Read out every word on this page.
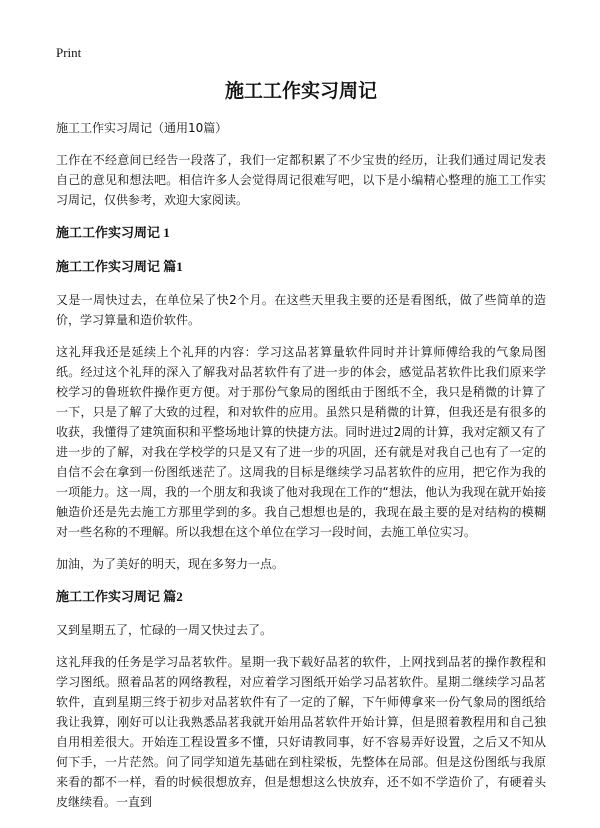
Print
施工工作实习周记

施工工作实习周记（通用10篇）

工作在不经意间已经告一段落了，我们一定都积累了不少宝贵的经历，让我们通过周记发表自己的意见和想法吧。相信许多人会觉得周记很难写吧，以下是小编精心整理的施工工作实习周记，仅供参考，欢迎大家阅读。

施工工作实习周记 1
施工工作实习周记 篇1

又是一周快过去，在单位呆了快2个月。在这些天里我主要的还是看图纸，做了些简单的造价，学习算量和造价软件。

这礼拜我还是延续上个礼拜的内容：学习这品茗算量软件同时并计算师傅给我的气象局图纸。经过这个礼拜的深入了解我对品茗软件有了进一步的体会，感觉品茗软件比我们原来学校学习的鲁班软件操作更方便。对于那份气象局的图纸由于图纸不全，我只是稍微的计算了一下，只是了解了大致的过程，和对软件的应用。虽然只是稍微的计算，但我还是有很多的收获，我懂得了建筑面积和平整场地计算的快捷方法。同时进过2周的计算，我对定额又有了进一步的了解，对我在学校学的只是又有了进一步的巩固，还有就是对我自己也有了一定的自信不会在拿到一份图纸迷茫了。这周我的目标是继续学习品茗软件的应用，把它作为我的一项能力。这一周，我的一个朋友和我谈了他对我现在工作的“想法，他认为我现在就开始接触造价还是先去施工方那里学到的多。我自己想想也是的，我现在最主要的是对结构的模糊对一些名称的不理解。所以我想在这个单位在学习一段时间，去施工单位实习。

加油，为了美好的明天，现在多努力一点。

施工工作实习周记 篇2

又到星期五了，忙碌的一周又快过去了。

这礼拜我的任务是学习品茗软件。星期一我下载好品茗的软件，上网找到品茗的操作教程和学习图纸。照着品茗的网络教程，对应着学习图纸开始学习品茗软件。星期二继续学习品茗软件，直到星期三终于初步对品茗软件有了一定的了解，下午师傅拿来一份气象局的图纸给我让我算，刚好可以让我熟悉品茗我就开始用品茗软件开始计算，但是照着教程用和自己独自用相差很大。开始连工程设置多不懂，只好请教同事，好不容易弄好设置，之后又不知从何下手，一片茫然。问了同学知道先基础在到柱梁板，先整体在局部。但是这份图纸与我原来看的都不一样，看的时候很想放弃，但是想想这么快放弃，还不如不学造价了，有硬着头皮继续看。一直到
